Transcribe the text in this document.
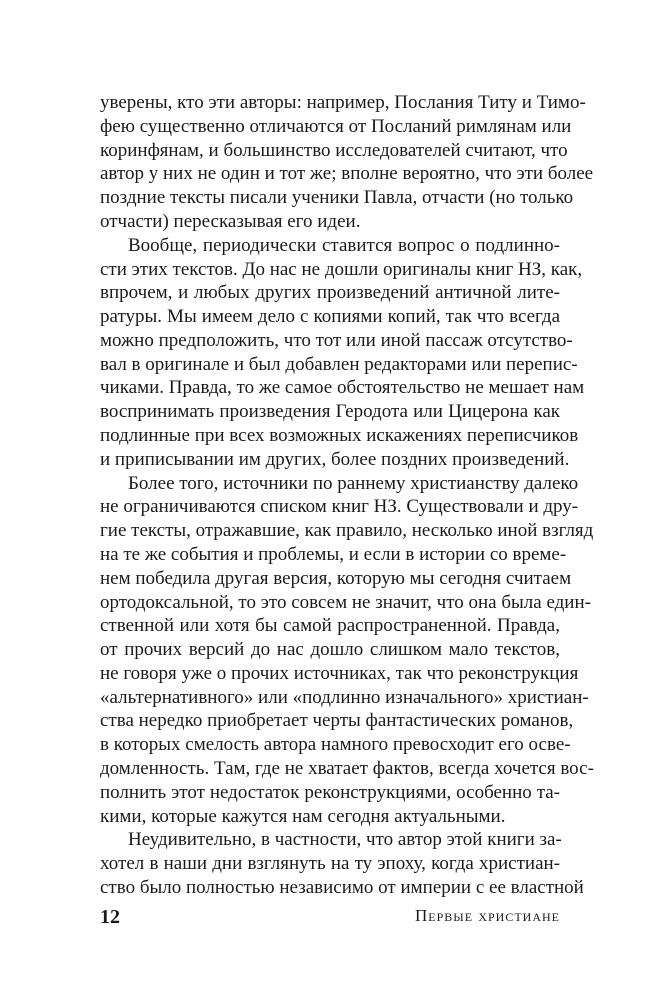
уверены, кто эти авторы: например, Послания Титу и Тимо-
фею существенно отличаются от Посланий римлянам или
коринфянам, и большинство исследователей считают, что
автор у них не один и тот же; вполне вероятно, что эти более
поздние тексты писали ученики Павла, отчасти (но только
отчасти) пересказывая его идеи.
Вообще, периодически ставится вопрос о подлинно-
сти этих текстов. До нас не дошли оригиналы книг НЗ, как,
впрочем, и любых других произведений античной лите-
ратуры. Мы имеем дело с копиями копий, так что всегда
можно предположить, что тот или иной пассаж отсутство-
вал в оригинале и был добавлен редакторами или перепис-
чиками. Правда, то же самое обстоятельство не мешает нам
воспринимать произведения Геродота или Цицерона как
подлинные при всех возможных искажениях переписчиков
и приписывании им других, более поздних произведений.
Более того, источники по раннему христианству далеко
не ограничиваются списком книг НЗ. Существовали и дру-
гие тексты, отражавшие, как правило, несколько иной взгляд
на те же события и проблемы, и если в истории со време-
нем победила другая версия, которую мы сегодня считаем
ортодоксальной, то это совсем не значит, что она была един-
ственной или хотя бы самой распространенной. Правда,
от прочих версий до нас дошло слишком мало текстов,
не говоря уже о прочих источниках, так что реконструкция
«альтернативного» или «подлинно изначального» христиан-
ства нередко приобретает черты фантастических романов,
в которых смелость автора намного превосходит его осве-
домленность. Там, где не хватает фактов, всегда хочется вос-
полнить этот недостаток реконструкциями, особенно та-
кими, которые кажутся нам сегодня актуальными.
Неудивительно, в частности, что автор этой книги за-
хотел в наши дни взглянуть на ту эпоху, когда христиан-
ство было полностью независимо от империи с ее властной
12	Первые христиане
